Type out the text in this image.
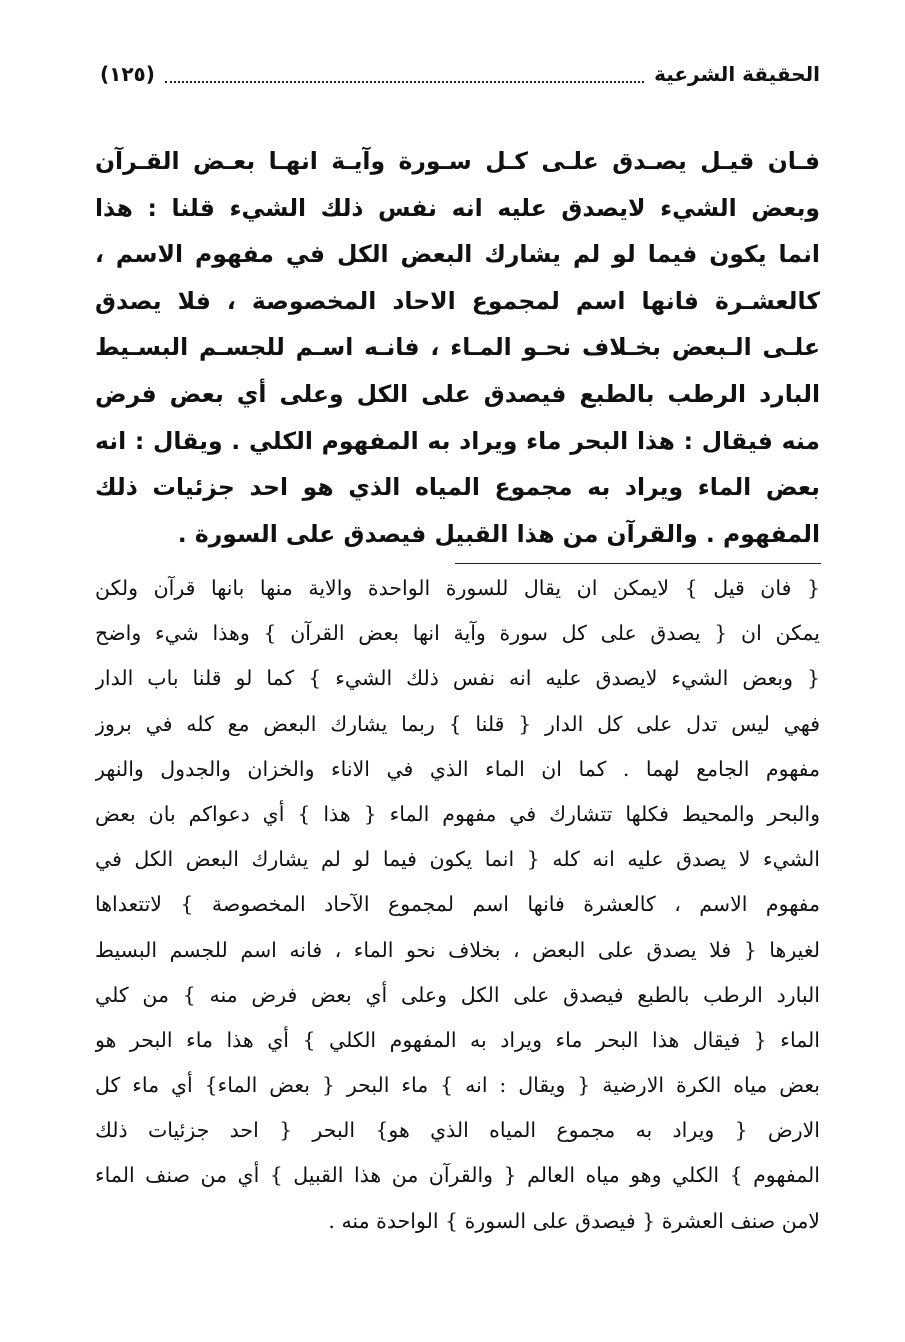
الحقيقة الشرعية
(١٢٥)
فـان قيـل يصـدق علـى كـل سـورة وآيـة انهـا بعـض القـرآن
وبعض الشيء لايصدق عليه انه نفس ذلك الشيء قلنا : هذا
انما يكون فيما لو لم يشارك البعض الكل في مفهوم الاسم ،
كالعشـرة فانها اسم لمجموع الاحاد المخصوصة ، فلا يصدق
علـى الـبعض بخـلاف نحـو المـاء ، فانـه اسـم للجسـم البسـيط
البارد الرطب بالطبع فيصدق على الكل وعلى أي بعض فرض
منه فيقال : هذا البحر ماء ويراد به المفهوم الكلي . ويقال : انه
بعض الماء ويراد به مجموع المياه الذي هو احد جزئيات ذلك
المفهوم . والقرآن من هذا القبيل فيصدق على السورة .
{ فان قيل } لايمكن ان يقال للسورة الواحدة والاية منها بانها قرآن ولكن
يمكن ان { يصدق على كل سورة وآية انها بعض القرآن } وهذا شيء واضح
{ وبعض الشيء لايصدق عليه انه نفس ذلك الشيء } كما لو قلنا باب الدار
فهي ليس تدل على كل الدار { قلنا } ربما يشارك البعض مع كله في بروز
مفهوم الجامع لهما . كما ان الماء الذي في الاناء والخزان والجدول والنهر
والبحر والمحيط فكلها تتشارك في مفهوم الماء { هذا } أي دعواكم بان بعض
الشيء لا يصدق عليه انه كله { انما يكون فيما لو لم يشارك البعض الكل في
مفهوم الاسم ، كالعشرة فانها اسم لمجموع الآحاد المخصوصة } لاتتعداها
لغيرها { فلا يصدق على البعض ، بخلاف نحو الماء ، فانه اسم للجسم البسيط
البارد الرطب بالطبع فيصدق على الكل وعلى أي بعض فرض منه } من كلي
الماء { فيقال هذا البحر ماء ويراد به المفهوم الكلي } أي هذا ماء البحر هو
بعض مياه الكرة الارضية { ويقال : انه } ماء البحر { بعض الماء} أي ماء كل
الارض { ويراد به مجموع المياه الذي هو} البحر { احد جزئيات ذلك
المفهوم } الكلي وهو مياه العالم { والقرآن من هذا القبيل } أي من صنف الماء
لامن صنف العشرة { فيصدق على السورة } الواحدة منه .
